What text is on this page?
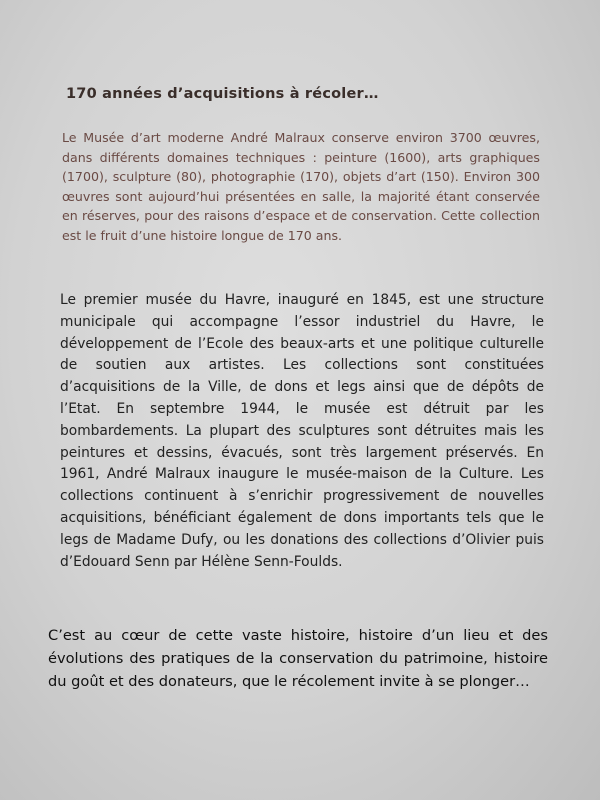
170 années d’acquisitions à récoler…

Le Musée d’art moderne André Malraux conserve environ 3700 œuvres, dans différents domaines techniques : peinture (1600), arts graphiques (1700), sculpture (80), photographie (170), objets d’art (150). Environ 300 œuvres sont aujourd’hui présentées en salle, la majorité étant conservée en réserves, pour des raisons d’espace et de conservation. Cette collection est le fruit d’une histoire longue de 170 ans.

Le premier musée du Havre, inauguré en 1845, est une structure municipale qui accompagne l’essor industriel du Havre, le développement de l’Ecole des beaux-arts et une politique culturelle de soutien aux artistes. Les collections sont constituées d’acquisitions de la Ville, de dons et legs ainsi que de dépôts de l’Etat. En septembre 1944, le musée est détruit par les bombardements. La plupart des sculptures sont détruites mais les peintures et dessins, évacués, sont très largement préservés. En 1961, André Malraux inaugure le musée-maison de la Culture. Les collections continuent à s’enrichir progressivement de nouvelles acquisitions, bénéficiant également de dons importants tels que le legs de Madame Dufy, ou les donations des collections d’Olivier puis d’Edouard Senn par Hélène Senn-Foulds.

C’est au cœur de cette vaste histoire, histoire d’un lieu et des évolutions des pratiques de la conservation du patrimoine, histoire du goût et des donateurs, que le récolement invite à se plonger…
